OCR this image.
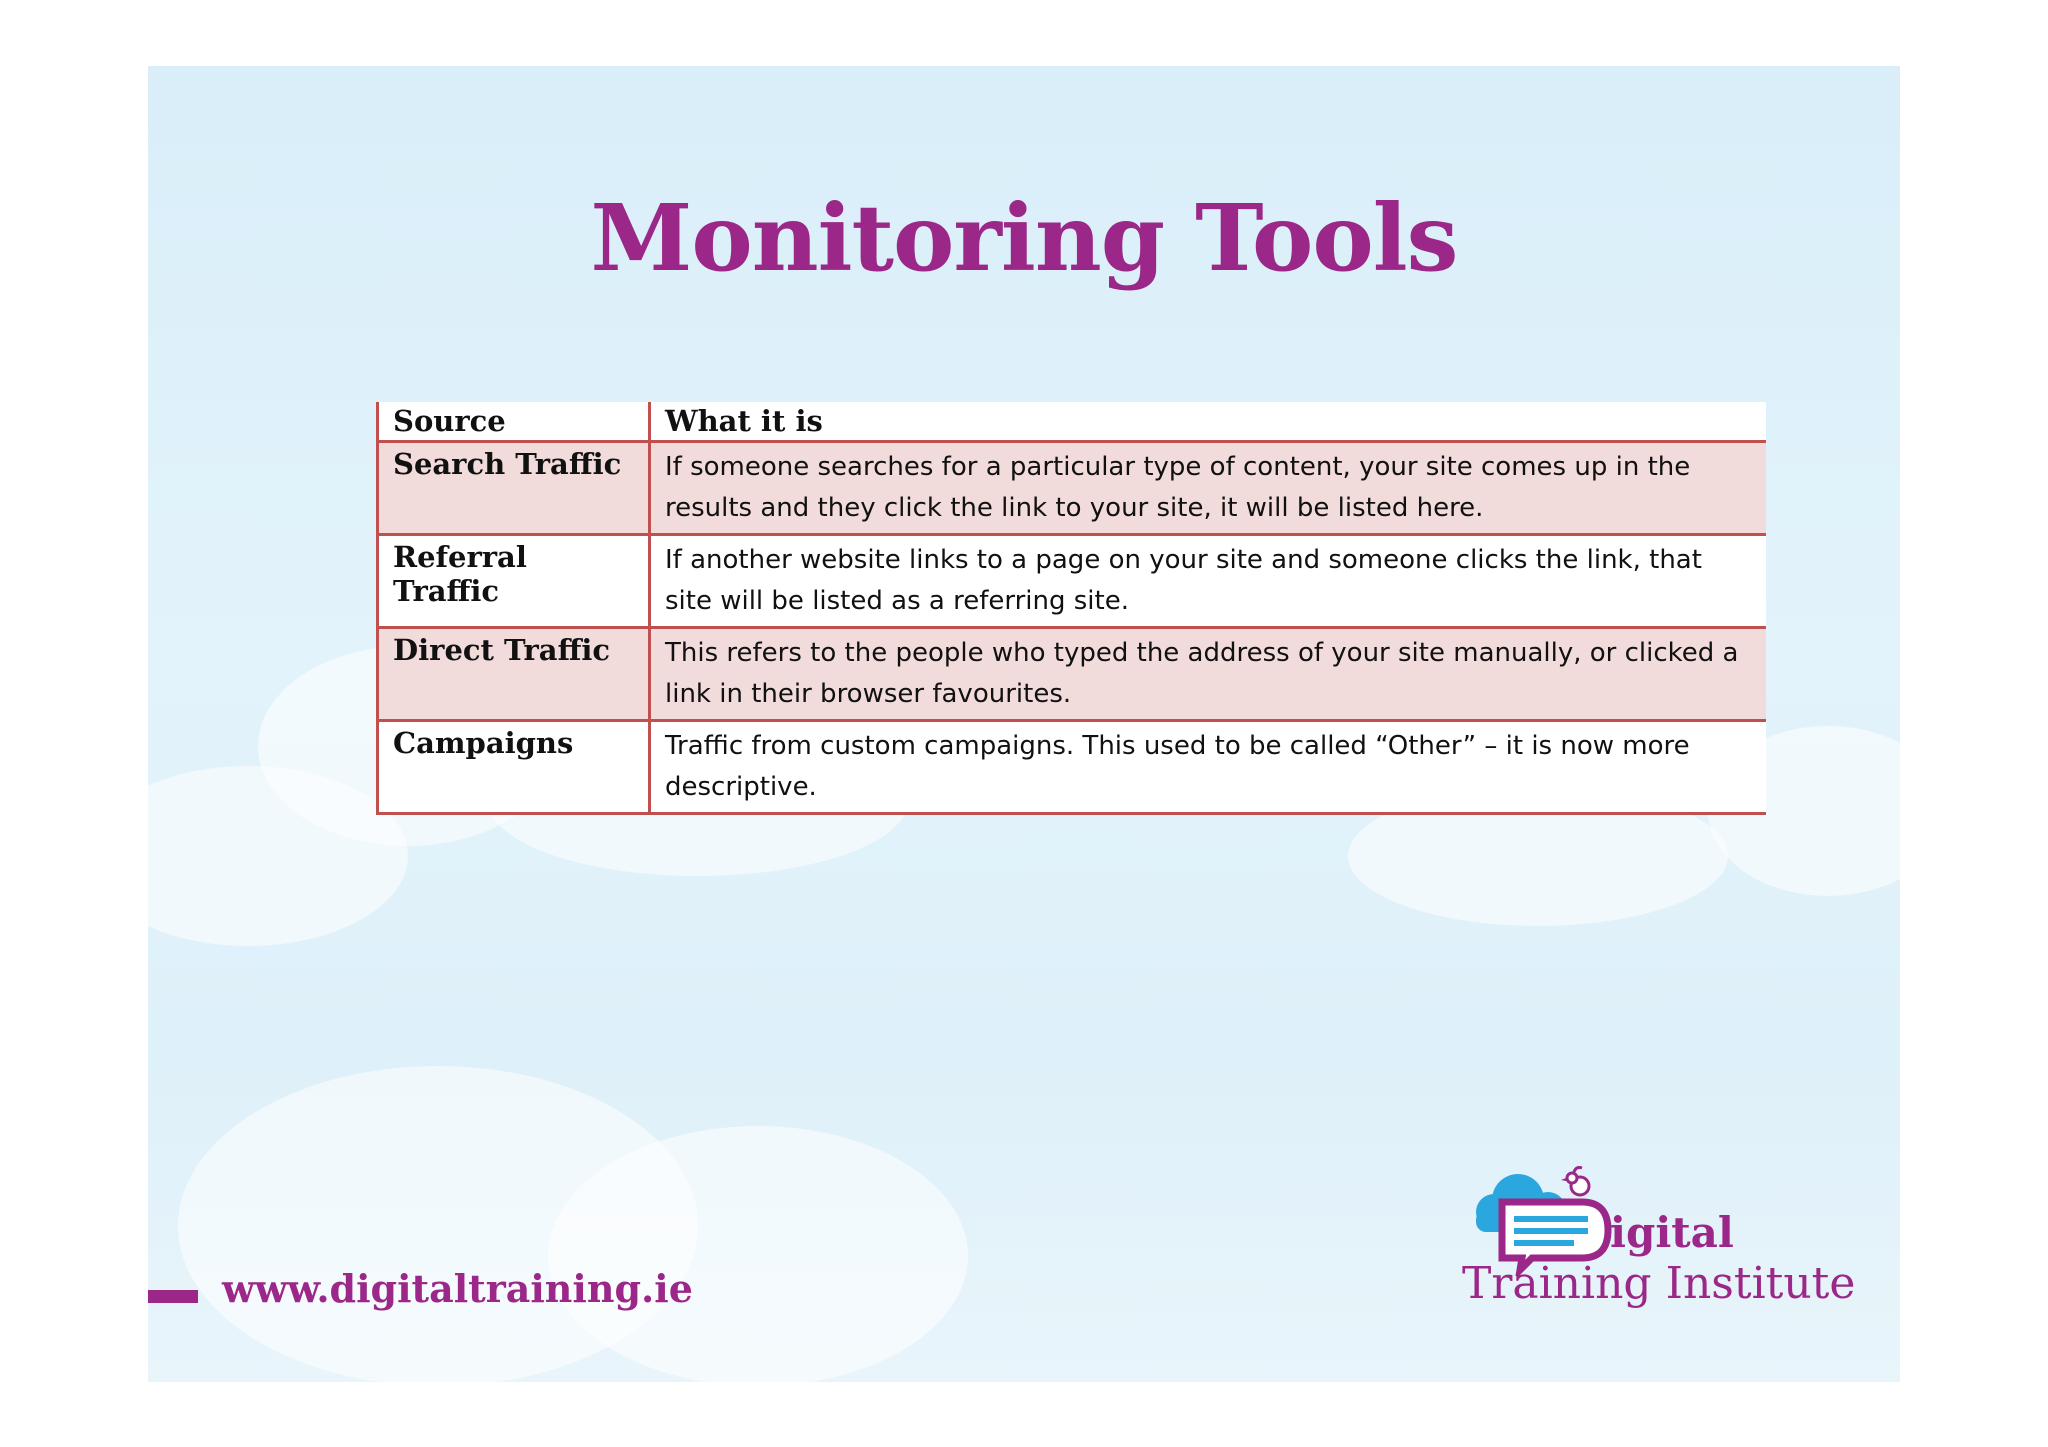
Monitoring Tools
Source	What it is
Search Traffic	If someone searches for a particular type of content, your site comes up in the results and they click the link to your site, it will be listed here.
Referral Traffic	If another website links to a page on your site and someone clicks the link, that site will be listed as a referring site.
Direct Traffic	This refers to the people who typed the address of your site manually, or clicked a link in their browser favourites.
Campaigns	Traffic from custom campaigns. This used to be called “Other” – it is now more descriptive.
www.digitaltraining.ie
igital
Training Institute
